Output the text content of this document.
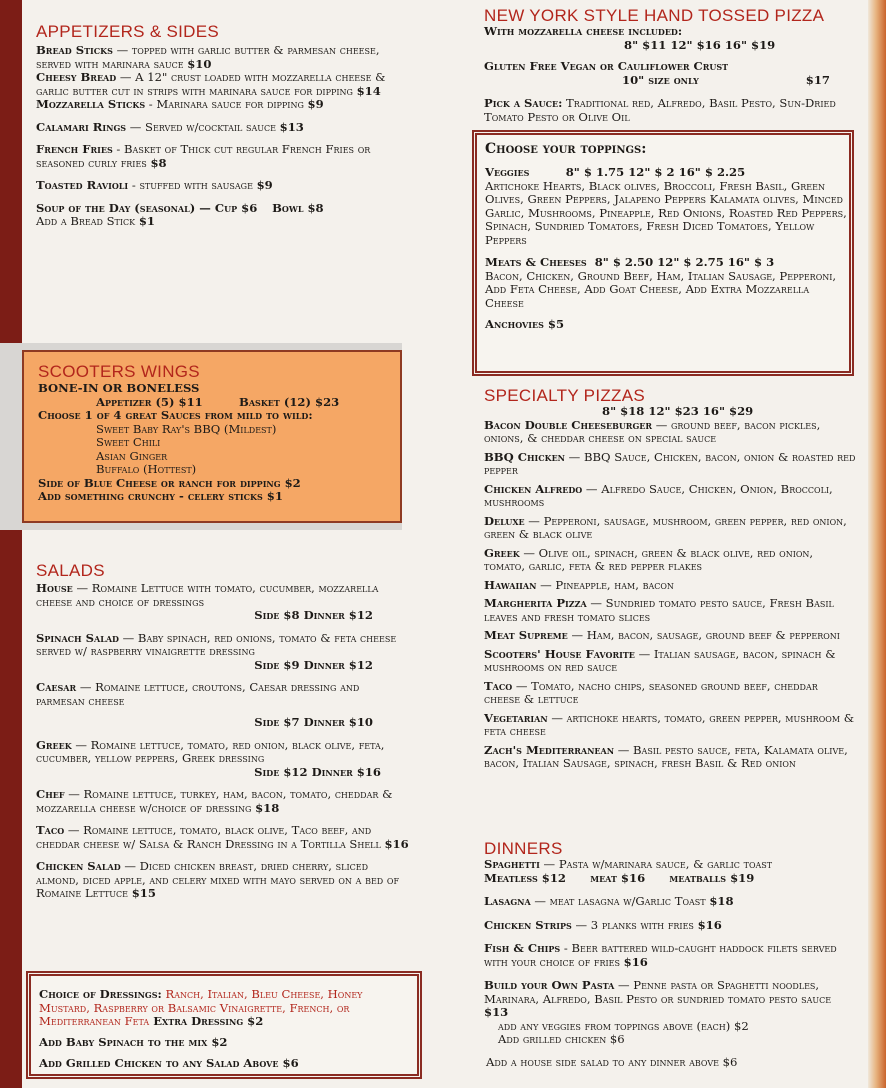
APPETIZERS & SIDES

Bread Sticks — topped with garlic butter & parmesan cheese, served with marinara sauce $10

Cheesy Bread — A 12" crust loaded with mozzarella cheese & garlic butter cut in strips with marinara sauce for dipping $14

Mozzarella Sticks - Marinara sauce for dipping $9

Calamari Rings — Served w/cocktail sauce $13

French Fries - Basket of Thick cut regular French Fries or seasoned curly fries $8

Toasted Ravioli - stuffed with sausage $9

Soup of the Day (seasonal) — Cup $6 Bowl $8

Add a Bread Stick $1

SCOOTERS WINGS

BONE-IN OR BONELESS

Appetizer (5) $11	Basket (12) $23

Choose 1 of 4 great Sauces from mild to wild:

Sweet Baby Ray's BBQ (Mildest)

Sweet Chili

Asian Ginger

Buffalo (Hottest)

Side of Blue Cheese or ranch for dipping $2

Add something crunchy - celery sticks $1

SALADS

House — Romaine Lettuce with tomato, cucumber, mozzarella cheese and choice of dressings

Side $8 Dinner $12

Spinach Salad — Baby spinach, red onions, tomato & feta cheese served w/ raspberry vinaigrette dressing

Side $9 Dinner $12

Caesar — Romaine lettuce, croutons, Caesar dressing and parmesan cheese

Side $7 Dinner $10

Greek — Romaine lettuce, tomato, red onion, black olive, feta, cucumber, yellow peppers, Greek dressing

Side $12 Dinner $16

Chef — Romaine lettuce, turkey, ham, bacon, tomato, cheddar & mozzarella cheese w/choice of dressing $18

Taco — Romaine lettuce, tomato, black olive, Taco beef, and cheddar cheese w/ Salsa & Ranch Dressing in a Tortilla Shell $16

Chicken Salad — Diced chicken breast, dried cherry, sliced almond, diced apple, and celery mixed with mayo served on a bed of Romaine Lettuce $15

Choice of Dressings: Ranch, Italian, Bleu Cheese, Honey Mustard, Raspberry or Balsamic Vinaigrette, French, or Mediterranean Feta Extra Dressing $2

Add Baby Spinach to the mix $2

Add Grilled Chicken to any Salad Above $6

NEW YORK STYLE HAND TOSSED PIZZA

With mozzarella cheese included:

8" $11 12" $16 16" $19

Gluten Free Vegan or Cauliflower Crust

10" size only	$17

Pick a Sauce: Traditional red, Alfredo, Basil Pesto, Sun-Dried Tomato Pesto or Olive Oil

Choose your toppings:

Veggies	8" $ 1.75 12" $ 2 16" $ 2.25

Artichoke Hearts, Black olives, Broccoli, Fresh Basil, Green Olives, Green Peppers, Jalapeno Peppers Kalamata olives, Minced Garlic, Mushrooms, Pineapple, Red Onions, Roasted Red Peppers, Spinach, Sundried Tomatoes, Fresh Diced Tomatoes, Yellow Peppers

Meats & Cheeses 8" $ 2.50 12" $ 2.75 16" $ 3

Bacon, Chicken, Ground Beef, Ham, Italian Sausage, Pepperoni, Add Feta Cheese, Add Goat Cheese, Add Extra Mozzarella Cheese

Anchovies $5

SPECIALTY PIZZAS

8" $18 12" $23 16" $29

Bacon Double Cheeseburger — ground beef, bacon pickles, onions, & cheddar cheese on special sauce

BBQ Chicken — BBQ Sauce, Chicken, bacon, onion & roasted red pepper

Chicken Alfredo — Alfredo Sauce, Chicken, Onion, Broccoli, mushrooms

Deluxe — Pepperoni, sausage, mushroom, green pepper, red onion, green & black olive

Greek — Olive oil, spinach, green & black olive, red onion, tomato, garlic, feta & red pepper flakes

Hawaiian — Pineapple, ham, bacon

Margherita Pizza — Sundried tomato pesto sauce, Fresh Basil leaves and fresh tomato slices

Meat Supreme — Ham, bacon, sausage, ground beef & pepperoni

Scooters' House Favorite — Italian sausage, bacon, spinach & mushrooms on red sauce

Taco — Tomato, nacho chips, seasoned ground beef, cheddar cheese & lettuce

Vegetarian — artichoke hearts, tomato, green pepper, mushroom & feta cheese

Zach's Mediterranean — Basil pesto sauce, feta, Kalamata olive, bacon, Italian Sausage, spinach, fresh Basil & Red onion

DINNERS

Spaghetti — Pasta w/marinara sauce, & garlic toast

Meatless $12 meat $16 meatballs $19

Lasagna — meat lasagna w/Garlic Toast $18

Chicken Strips — 3 planks with fries $16

Fish & Chips - Beer battered wild-caught haddock filets served with your choice of fries $16

Build your Own Pasta — Penne pasta or Spaghetti noodles, Marinara, Alfredo, Basil Pesto or sundried tomato pesto sauce $13

add any veggies from toppings above (each) $2

Add grilled chicken $6

Add a house side salad to any dinner above $6
